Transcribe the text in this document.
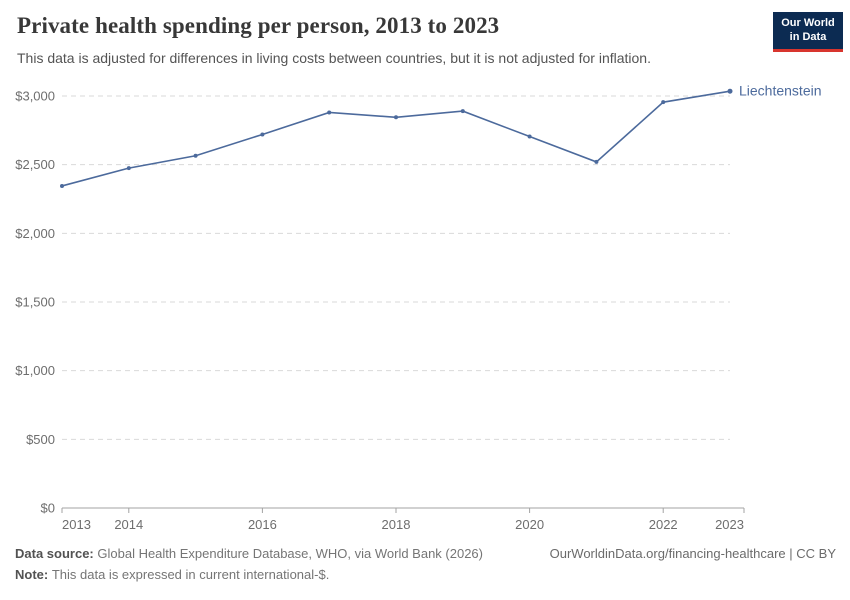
Private health spending per person, 2013 to 2023

This data is adjusted for differences in living costs between countries, but it is not adjusted for inflation.

Our World
in Data
$0
$500
$1,000
$1,500
$2,000
$2,500
$3,000
2013 2014	2016	2018	2020	2022	2023
Liechtenstein
Data source: Global Health Expenditure Database, WHO, via World Bank (2026)
Note: This data is expressed in current international-$.
OurWorldinData.org/financing-healthcare | CC BY
